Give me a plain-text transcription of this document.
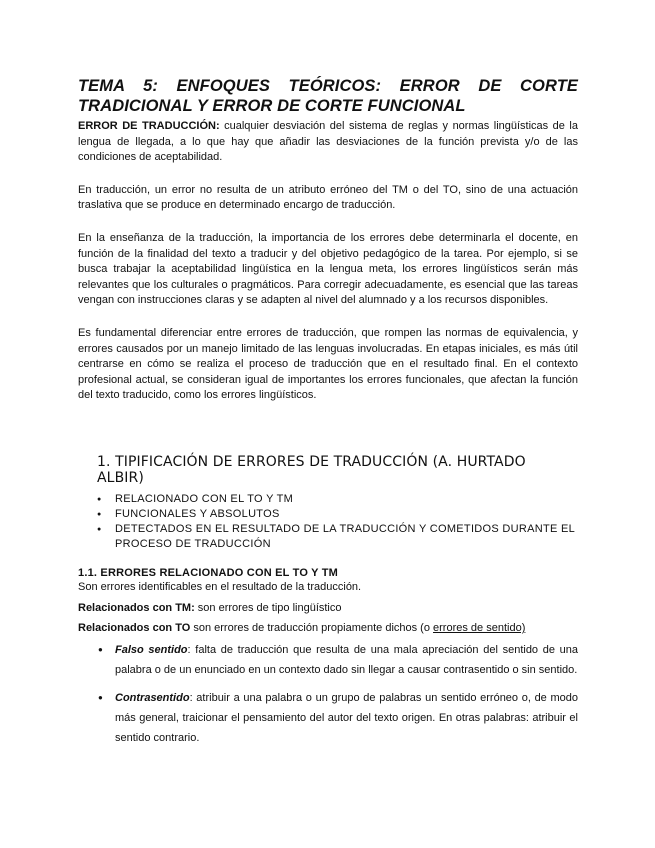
TEMA 5: ENFOQUES TEÓRICOS: ERROR DE CORTE
TRADICIONAL Y ERROR DE CORTE FUNCIONAL

ERROR DE TRADUCCIÓN: cualquier desviación del sistema de reglas y normas lingüísticas de la lengua de llegada, a lo que hay que añadir las desviaciones de la función prevista y/o de las condiciones de aceptabilidad.

En traducción, un error no resulta de un atributo erróneo del TM o del TO, sino de una actuación traslativa que se produce en determinado encargo de traducción.

En la enseñanza de la traducción, la importancia de los errores debe determinarla el docente, en función de la finalidad del texto a traducir y del objetivo pedagógico de la tarea. Por ejemplo, si se busca trabajar la aceptabilidad lingüística en la lengua meta, los errores lingüísticos serán más relevantes que los culturales o pragmáticos. Para corregir adecuadamente, es esencial que las tareas vengan con instrucciones claras y se adapten al nivel del alumnado y a los recursos disponibles.

Es fundamental diferenciar entre errores de traducción, que rompen las normas de equivalencia, y errores causados por un manejo limitado de las lenguas involucradas. En etapas iniciales, es más útil centrarse en cómo se realiza el proceso de traducción que en el resultado final. En el contexto profesional actual, se consideran igual de importantes los errores funcionales, que afectan la función del texto traducido, como los errores lingüísticos.

1. TIPIFICACIÓN DE ERRORES DE TRADUCCIÓN (A. HURTADO ALBIR)
● RELACIONADO CON EL TO Y TM
● FUNCIONALES Y ABSOLUTOS
● DETECTADOS EN EL RESULTADO DE LA TRADUCCIÓN Y COMETIDOS DURANTE EL PROCESO DE TRADUCCIÓN
1.1. ERRORES RELACIONADO CON EL TO Y TM

Son errores identificables en el resultado de la traducción.

Relacionados con TM: son errores de tipo lingüístico

Relacionados con TO son errores de traducción propiamente dichos (o errores de sentido)

● Falso sentido: falta de traducción que resulta de una mala apreciación del sentido de una palabra o de un enunciado en un contexto dado sin llegar a causar contrasentido o sin sentido.
● Contrasentido: atribuir a una palabra o un grupo de palabras un sentido erróneo o, de modo más general, traicionar el pensamiento del autor del texto origen. En otras palabras: atribuir el sentido contrario.
